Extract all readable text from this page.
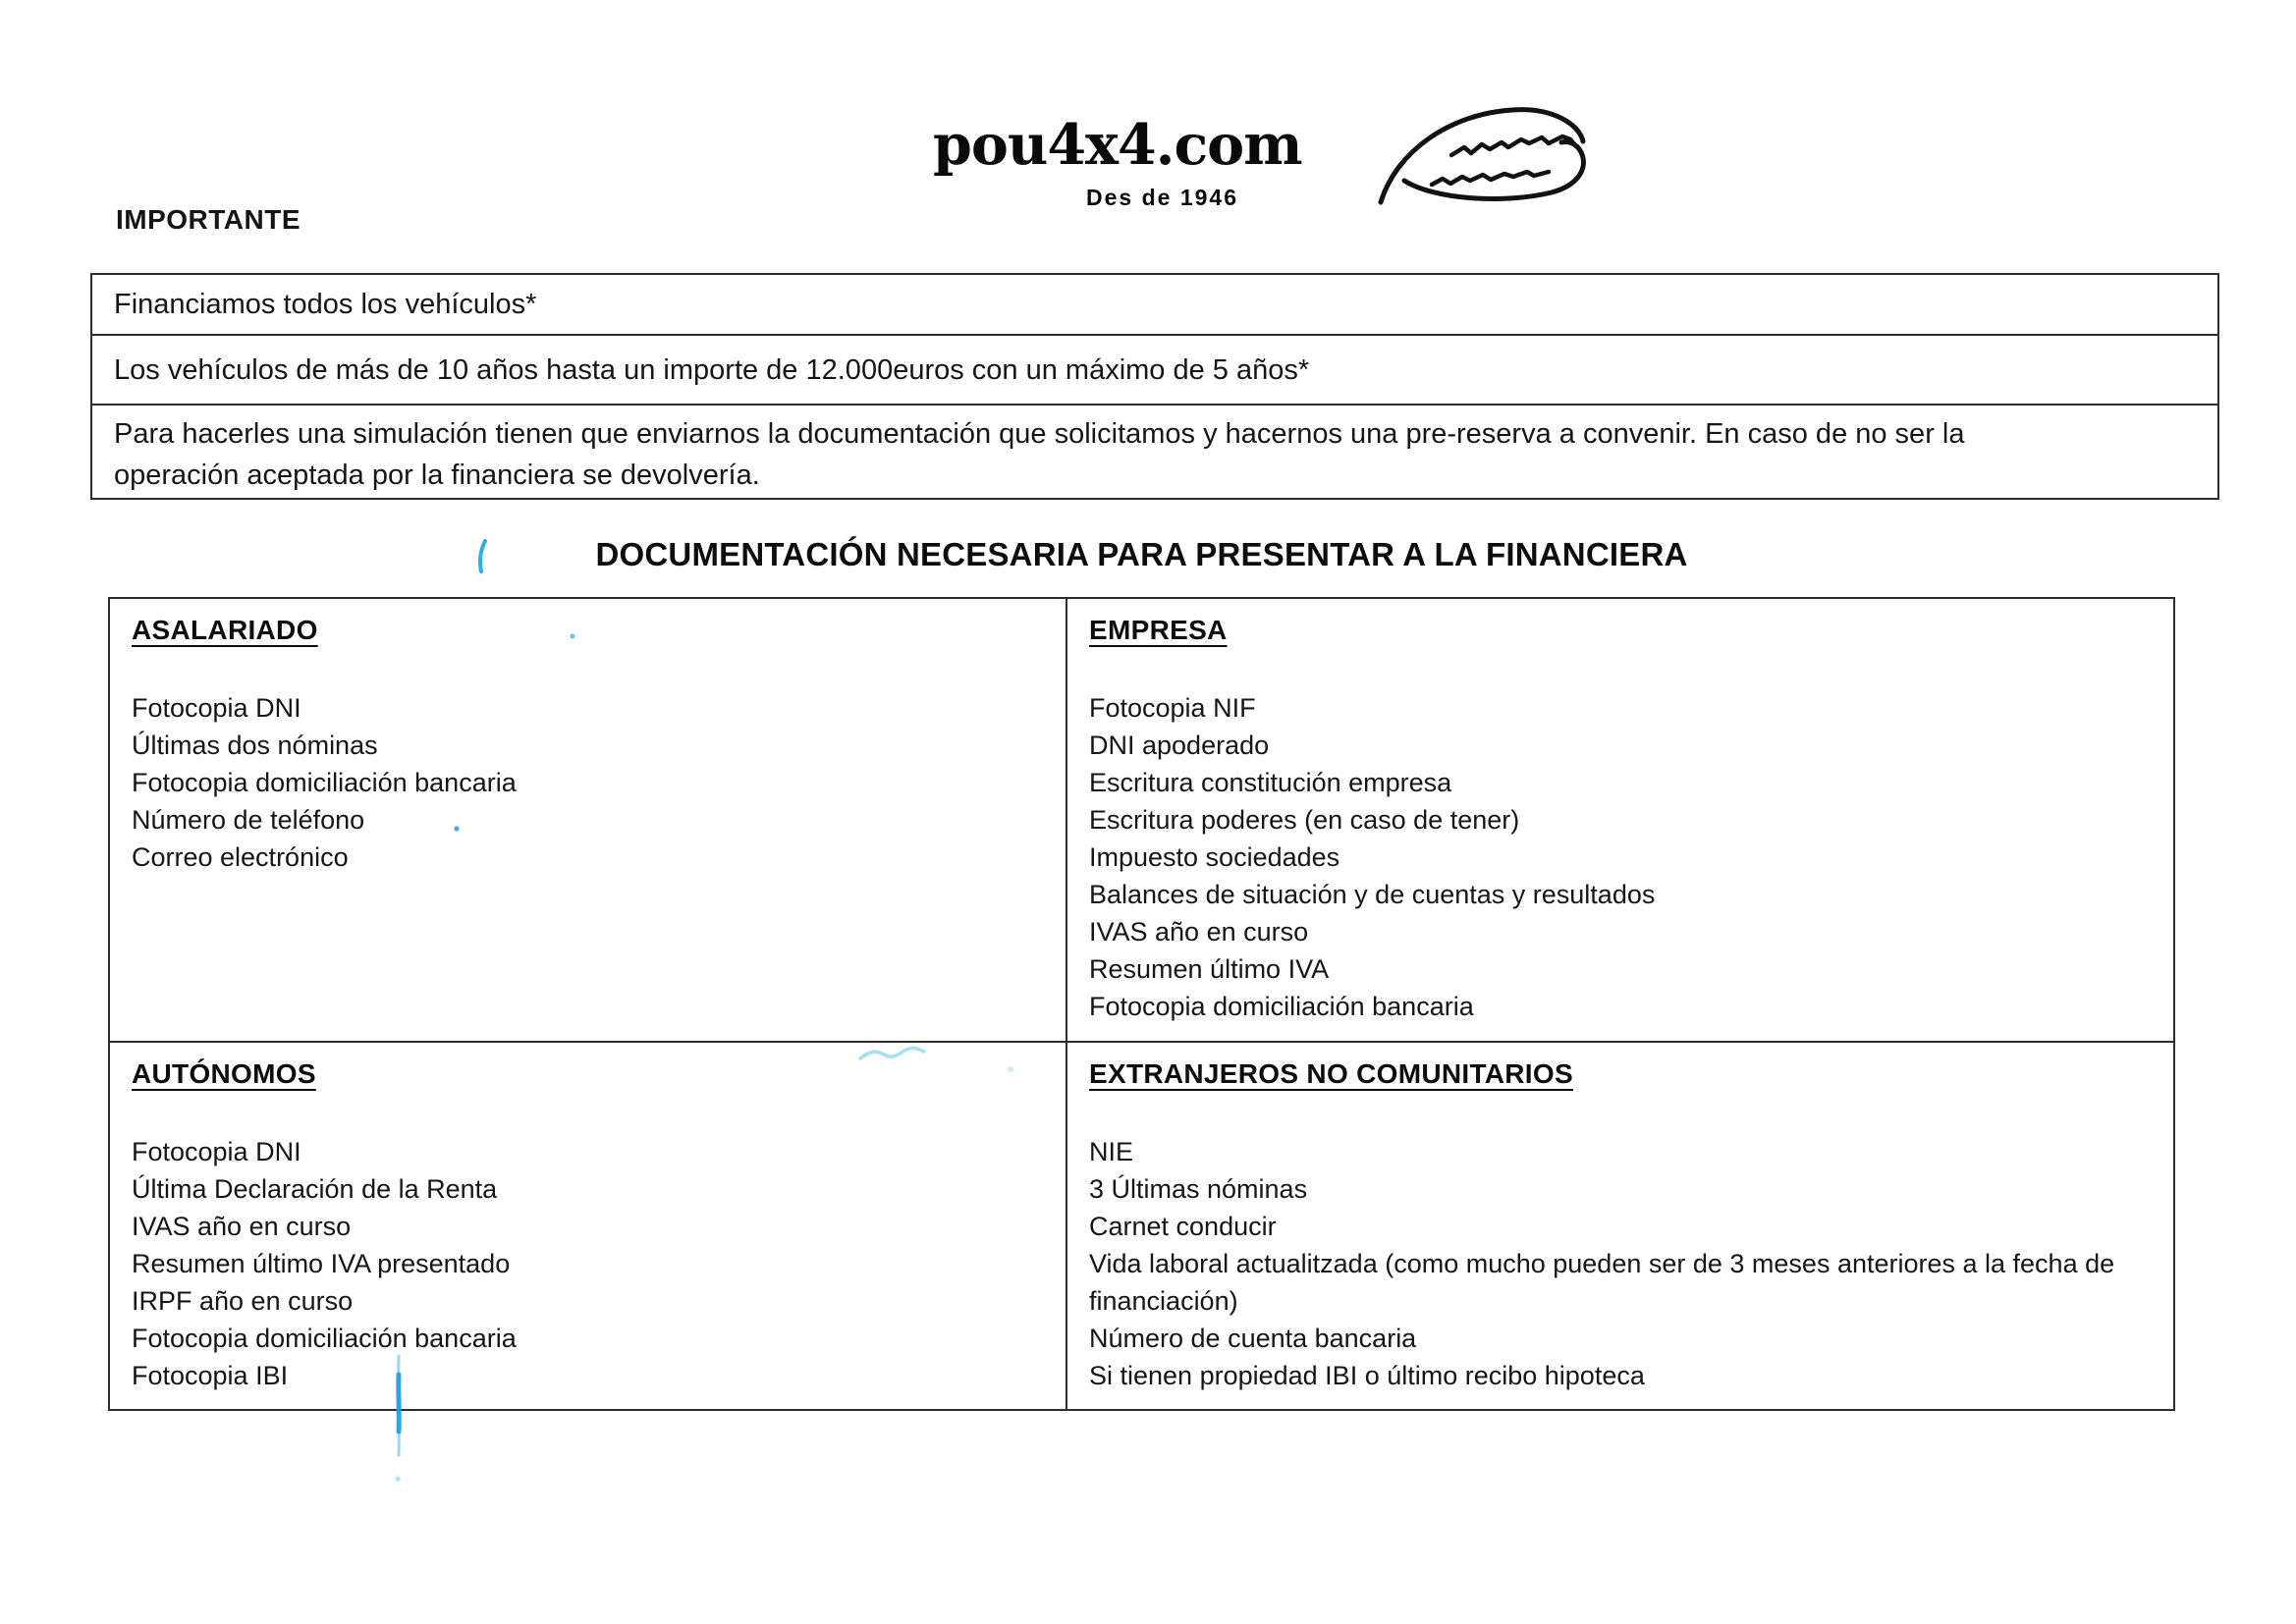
pou4x4.com
Des de 1946
IMPORTANTE
Financiamos todos los vehículos*
Los vehículos de más de 10 años hasta un importe de 12.000euros con un máximo de 5 años*
Para hacerles una simulación tienen que enviarnos la documentación que solicitamos y hacernos una pre-reserva a convenir. En caso de no ser la operación aceptada por la financiera se devolvería.
DOCUMENTACIÓN NECESARIA PARA PRESENTAR A LA FINANCIERA
ASALARIADO
Fotocopia DNI
Últimas dos nóminas
Fotocopia domiciliación bancaria
Número de teléfono
Correo electrónico
EMPRESA
Fotocopia NIF
DNI apoderado
Escritura constitución empresa
Escritura poderes (en caso de tener)
Impuesto sociedades
Balances de situación y de cuentas y resultados
IVAS año en curso
Resumen último IVA
Fotocopia domiciliación bancaria
AUTÓNOMOS
Fotocopia DNI
Última Declaración de la Renta
IVAS año en curso
Resumen último IVA presentado
IRPF año en curso
Fotocopia domiciliación bancaria
Fotocopia IBI
EXTRANJEROS NO COMUNITARIOS
NIE
3 Últimas nóminas
Carnet conducir
Vida laboral actualitzada (como mucho pueden ser de 3 meses anteriores a la fecha de financiación)
Número de cuenta bancaria
Si tienen propiedad IBI o último recibo hipoteca
